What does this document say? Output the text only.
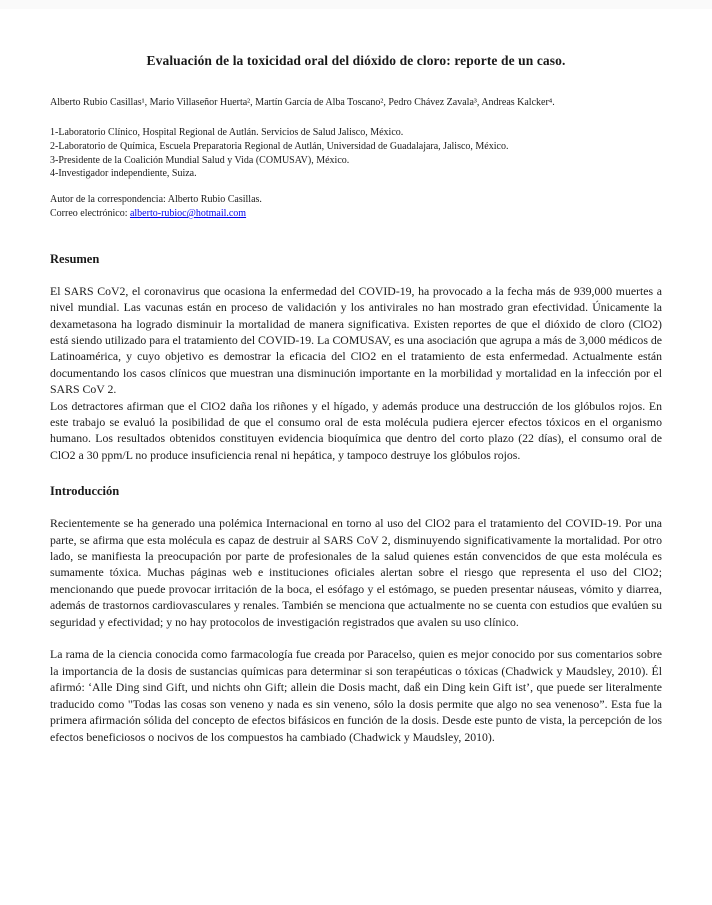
Evaluación de la toxicidad oral del dióxido de cloro: reporte de un caso.

Alberto Rubio Casillas¹, Mario Villaseñor Huerta², Martín García de Alba Toscano², Pedro Chávez Zavala³, Andreas Kalcker⁴.

1-Laboratorio Clínico, Hospital Regional de Autlán. Servicios de Salud Jalisco, México.
2-Laboratorio de Química, Escuela Preparatoria Regional de Autlán, Universidad de Guadalajara, Jalisco, México.
3-Presidente de la Coalición Mundial Salud y Vida (COMUSAV), México.
4-Investigador independiente, Suiza.
Autor de la correspondencia: Alberto Rubio Casillas.
Correo electrónico: alberto-rubioc@hotmail.com
Resumen

El SARS CoV2, el coronavirus que ocasiona la enfermedad del COVID-19, ha provocado a la fecha más de 939,000 muertes a nivel mundial. Las vacunas están en proceso de validación y los antivirales no han mostrado gran efectividad. Únicamente la dexametasona ha logrado disminuir la mortalidad de manera significativa. Existen reportes de que el dióxido de cloro (ClO2) está siendo utilizado para el tratamiento del COVID-19. La COMUSAV, es una asociación que agrupa a más de 3,000 médicos de Latinoamérica, y cuyo objetivo es demostrar la eficacia del ClO2 en el tratamiento de esta enfermedad. Actualmente están documentando los casos clínicos que muestran una disminución importante en la morbilidad y mortalidad en la infección por el SARS CoV 2.

Los detractores afirman que el ClO2 daña los riñones y el hígado, y además produce una destrucción de los glóbulos rojos. En este trabajo se evaluó la posibilidad de que el consumo oral de esta molécula pudiera ejercer efectos tóxicos en el organismo humano. Los resultados obtenidos constituyen evidencia bioquímica que dentro del corto plazo (22 días), el consumo oral de ClO2 a 30 ppm/L no produce insuficiencia renal ni hepática, y tampoco destruye los glóbulos rojos.

Introducción

Recientemente se ha generado una polémica Internacional en torno al uso del ClO2 para el tratamiento del COVID-19. Por una parte, se afirma que esta molécula es capaz de destruir al SARS CoV 2, disminuyendo significativamente la mortalidad. Por otro lado, se manifiesta la preocupación por parte de profesionales de la salud quienes están convencidos de que esta molécula es sumamente tóxica. Muchas páginas web e instituciones oficiales alertan sobre el riesgo que representa el uso del ClO2; mencionando que puede provocar irritación de la boca, el esófago y el estómago, se pueden presentar náuseas, vómito y diarrea, además de trastornos cardiovasculares y renales. También se menciona que actualmente no se cuenta con estudios que evalúen su seguridad y efectividad; y no hay protocolos de investigación registrados que avalen su uso clínico.

La rama de la ciencia conocida como farmacología fue creada por Paracelso, quien es mejor conocido por sus comentarios sobre la importancia de la dosis de sustancias químicas para determinar si son terapéuticas o tóxicas (Chadwick y Maudsley, 2010). Él afirmó: ‘Alle Ding sind Gift, und nichts ohn Gift; allein die Dosis macht, daß ein Ding kein Gift ist’, que puede ser literalmente traducido como "Todas las cosas son veneno y nada es sin veneno, sólo la dosis permite que algo no sea venenoso”. Esta fue la primera afirmación sólida del concepto de efectos bifásicos en función de la dosis. Desde este punto de vista, la percepción de los efectos beneficiosos o nocivos de los compuestos ha cambiado (Chadwick y Maudsley, 2010).
